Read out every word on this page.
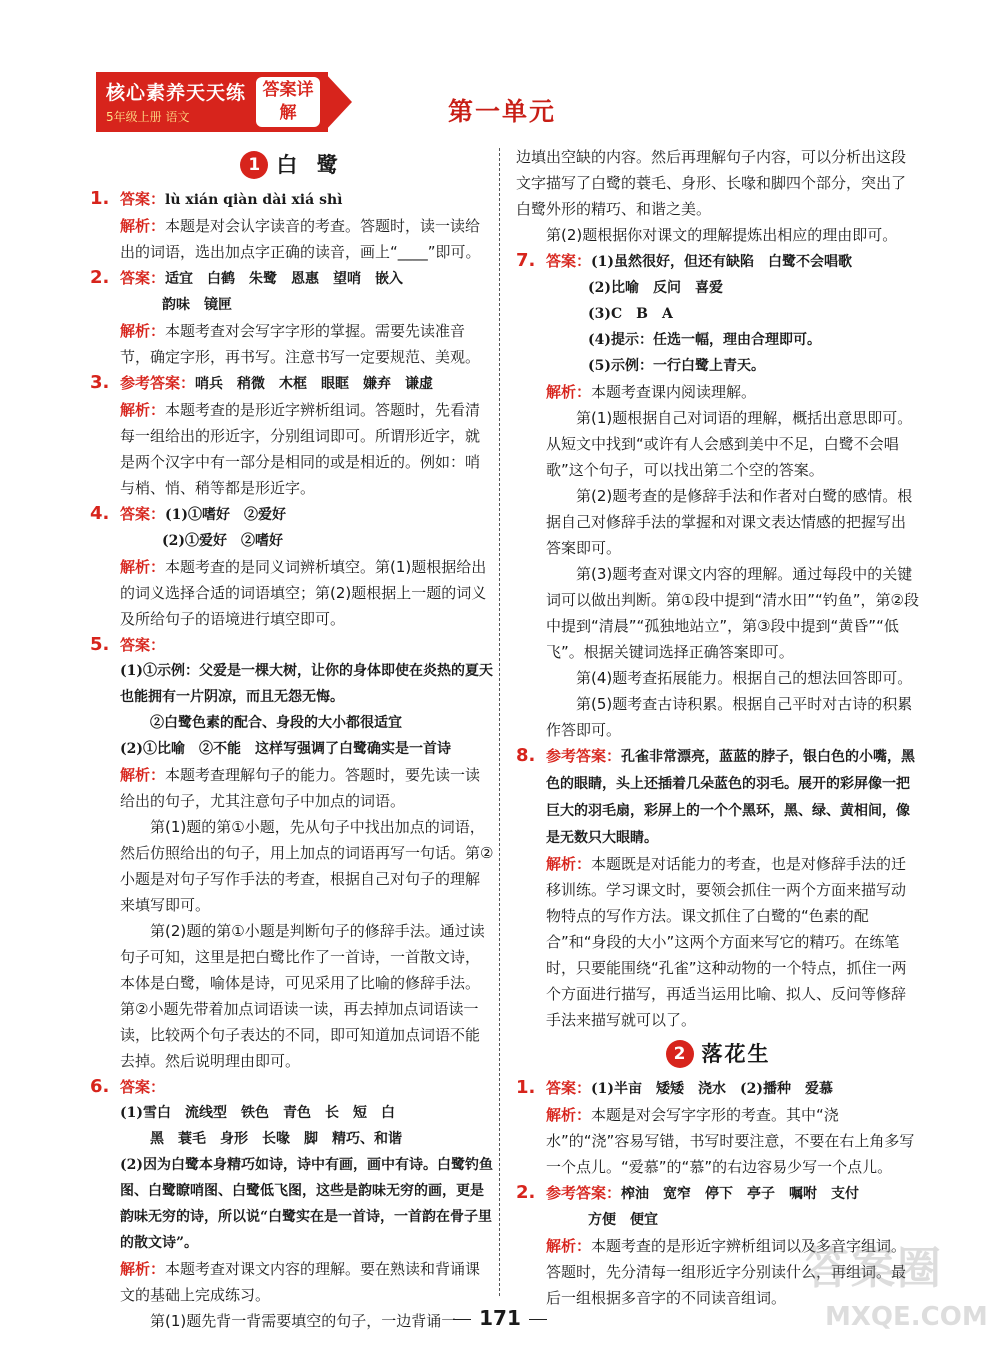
核心素养天天练
5年级上册 语文
答案详解	第一单元
1 白 鹭
1. 答案：lù xián qiàn dài xiá shì
解析：本题是对会认字读音的考查。答题时，读一读给出的词语，选出加点字正确的读音，画上“____”即可。
2. 答案：适宜　白鹤　朱鹭　恩惠　望哨　嵌入
韵味　镜匣
解析：本题考查对会写字字形的掌握。需要先读准音节，确定字形，再书写。注意书写一定要规范、美观。
3. 参考答案：哨兵　稍微　木框　眼眶　嫌弃　谦虚
解析：本题考查的是形近字辨析组词。答题时，先看清每一组给出的形近字，分别组词即可。所谓形近字，就是两个汉字中有一部分是相同的或是相近的。例如：哨与梢、悄、稍等都是形近字。
4. 答案：(1)①嗜好　②爱好
(2)①爱好　②嗜好
解析：本题考查的是同义词辨析填空。第(1)题根据给出的词义选择合适的词语填空；第(2)题根据上一题的词义及所给句子的语境进行填空即可。
5. 答案：
(1)①示例：父爱是一棵大树，让你的身体即使在炎热的夏天也能拥有一片阴凉，而且无怨无悔。
②白鹭色素的配合、身段的大小都很适宜
(2)①比喻　②不能　这样写强调了白鹭确实是一首诗
解析：本题考查理解句子的能力。答题时，要先读一读给出的句子，尤其注意句子中加点的词语。
第(1)题的第①小题，先从句子中找出加点的词语，然后仿照给出的句子，用上加点的词语再写一句话。第②小题是对句子写作手法的考查，根据自己对句子的理解来填写即可。
第(2)题的第①小题是判断句子的修辞手法。通过读句子可知，这里是把白鹭比作了一首诗，一首散文诗，本体是白鹭，喻体是诗，可见采用了比喻的修辞手法。第②小题先带着加点词语读一读，再去掉加点词语读一读，比较两个句子表达的不同，即可知道加点词语不能去掉。然后说明理由即可。
6. 答案：
(1)雪白　流线型　铁色　青色　长　短　白
黑　蓑毛　身形　长喙　脚　精巧、和谐
(2)因为白鹭本身精巧如诗，诗中有画，画中有诗。白鹭钓鱼图、白鹭瞭哨图、白鹭低飞图，这些是韵味无穷的画，更是韵味无穷的诗，所以说“白鹭实在是一首诗，一首韵在骨子里的散文诗”。
解析：本题考查对课文内容的理解。要在熟读和背诵课文的基础上完成练习。
第(1)题先背一背需要填空的句子，一边背诵一
边填出空缺的内容。然后再理解句子内容，可以分析出这段文字描写了白鹭的蓑毛、身形、长喙和脚四个部分，突出了白鹭外形的精巧、和谐之美。
第(2)题根据你对课文的理解提炼出相应的理由即可。
7. 答案：(1)虽然很好，但还有缺陷　白鹭不会唱歌
(2)比喻　反问　喜爱
(3)C　B　A
(4)提示：任选一幅，理由合理即可。
(5)示例：一行白鹭上青天。
解析：本题考查课内阅读理解。
第(1)题根据自己对词语的理解，概括出意思即可。从短文中找到“或许有人会感到美中不足，白鹭不会唱歌”这个句子，可以找出第二个空的答案。
第(2)题考查的是修辞手法和作者对白鹭的感情。根据自己对修辞手法的掌握和对课文表达情感的把握写出答案即可。
第(3)题考查对课文内容的理解。通过每段中的关键词可以做出判断。第①段中提到“清水田”“钓鱼”，第②段中提到“清晨”“孤独地站立”，第③段中提到“黄昏”“低飞”。根据关键词选择正确答案即可。
第(4)题考查拓展能力。根据自己的想法回答即可。
第(5)题考查古诗积累。根据自己平时对古诗的积累作答即可。
8. 参考答案：孔雀非常漂亮，蓝蓝的脖子，银白色的小嘴，黑色的眼睛，头上还插着几朵蓝色的羽毛。展开的彩屏像一把巨大的羽毛扇，彩屏上的一个个黑环，黑、绿、黄相间，像是无数只大眼睛。
解析：本题既是对话能力的考查，也是对修辞手法的迁移训练。学习课文时，要领会抓住一两个方面来描写动物特点的写作方法。课文抓住了白鹭的“色素的配合”和“身段的大小”这两个方面来写它的精巧。在练笔时，只要能围绕“孔雀”这种动物的一个特点，抓住一两个方面进行描写，再适当运用比喻、拟人、反问等修辞手法来描写就可以了。
2 落花生
1. 答案：(1)半亩　矮矮　浇水　(2)播种　爱慕
解析：本题是对会写字字形的考查。其中“浇水”的“浇”容易写错，书写时要注意，不要在右上角多写一个点儿。“爱慕”的“慕”的右边容易少写一个点儿。
2. 参考答案：榨油　宽窄　停下　亭子　嘱咐　支付
方便　便宜
解析：本题考查的是形近字辨析组词以及多音字组词。答题时，先分清每一组形近字分别读什么，再组词。最后一组根据多音字的不同读音组词。
171
答案圈
MXQE.COM
